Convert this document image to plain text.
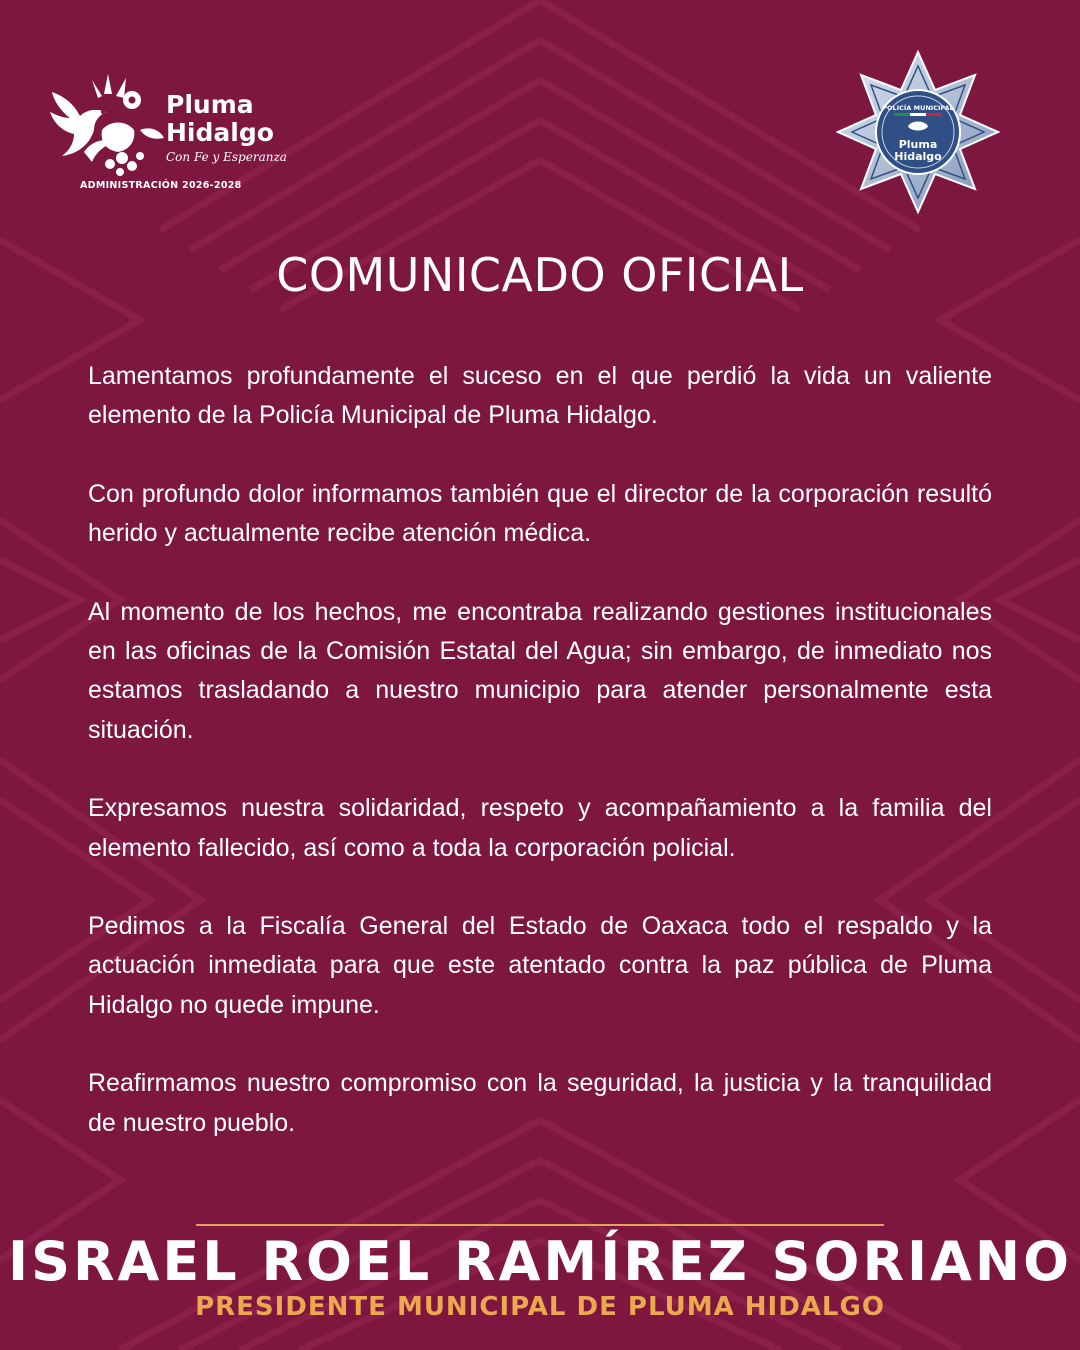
Pluma
Hidalgo
Con Fe y Esperanza
ADMINISTRACIÓN 2026-2028
POLICÍA MUNICIPAL
Pluma
Hidalgo
COMUNICADO OFICIAL

Lamentamos profundamente el suceso en el que perdió la vida un valiente elemento de la Policía Municipal de Pluma Hidalgo.

Con profundo dolor informamos también que el director de la corporación resultó herido y actualmente recibe atención médica.

Al momento de los hechos, me encontraba realizando gestiones institucionales en las oficinas de la Comisión Estatal del Agua; sin embargo, de inmediato nos estamos trasladando a nuestro municipio para atender personalmente esta situación.

Expresamos nuestra solidaridad, respeto y acompañamiento a la familia del elemento fallecido, así como a toda la corporación policial.

Pedimos a la Fiscalía General del Estado de Oaxaca todo el respaldo y la actuación inmediata para que este atentado contra la paz pública de Pluma Hidalgo no quede impune.

Reafirmamos nuestro compromiso con la seguridad, la justicia y la tranquilidad de nuestro pueblo.

ISRAEL ROEL RAMÍREZ SORIANO
PRESIDENTE MUNICIPAL DE PLUMA HIDALGO
